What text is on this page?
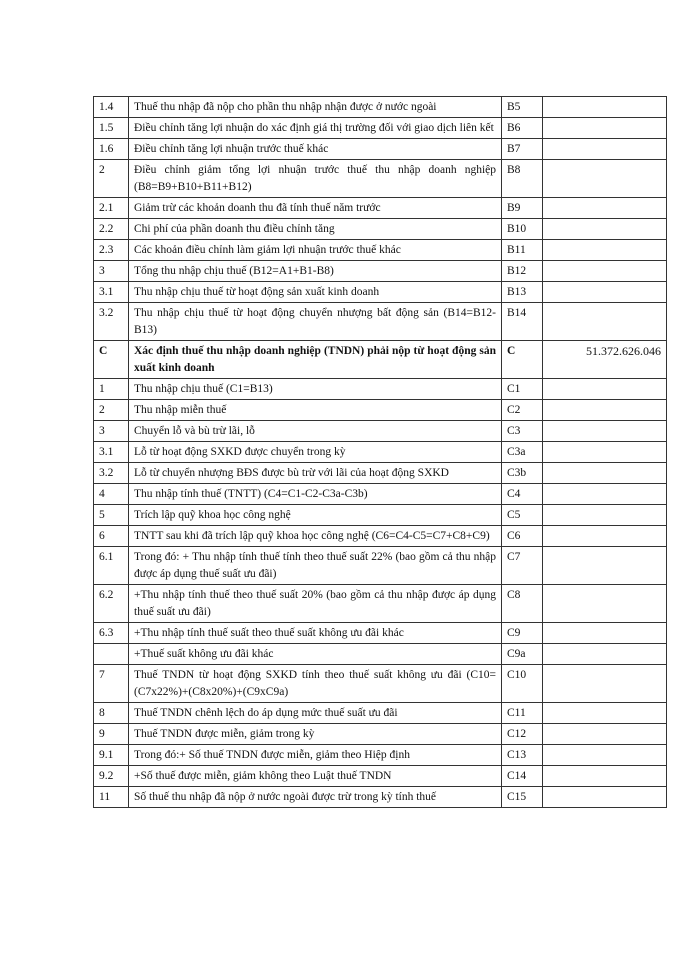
1.4	Thuế thu nhập đã nộp cho phần thu nhập nhận được ở nước ngoài	B5	
1.5	Điều chỉnh tăng lợi nhuận do xác định giá thị trường đối với giao dịch liên kết	B6	
1.6	Điều chỉnh tăng lợi nhuận trước thuế khác	B7	
2	Điều chỉnh giảm tổng lợi nhuận trước thuế thu nhập doanh nghiệp (B8=B9+B10+B11+B12)	B8	
2.1	Giảm trừ các khoản doanh thu đã tính thuế năm trước	B9	
2.2	Chi phí của phần doanh thu điều chỉnh tăng	B10	
2.3	Các khoản điều chỉnh làm giảm lợi nhuận trước thuế khác	B11	
3	Tổng thu nhập chịu thuế (B12=A1+B1-B8)	B12	
3.1	Thu nhập chịu thuế từ hoạt động sản xuất kinh doanh	B13	
3.2	Thu nhập chịu thuế từ hoạt động chuyển nhượng bất động sản (B14=B12-B13)	B14	
C	Xác định thuế thu nhập doanh nghiệp (TNDN) phải nộp từ hoạt động sản xuất kinh doanh	C	51.372.626.046
1	Thu nhập chịu thuế (C1=B13)	C1	
2	Thu nhập miễn thuế	C2	
3	Chuyển lỗ và bù trừ lãi, lỗ	C3	
3.1	Lỗ từ hoạt động SXKD được chuyển trong kỳ	C3a	
3.2	Lỗ từ chuyển nhượng BĐS được bù trừ với lãi của hoạt động SXKD	C3b	
4	Thu nhập tính thuế (TNTT) (C4=C1-C2-C3a-C3b)	C4	
5	Trích lập quỹ khoa học công nghệ	C5	
6	TNTT sau khi đã trích lập quỹ khoa học công nghệ (C6=C4-C5=C7+C8+C9)	C6	
6.1	Trong đó: + Thu nhập tính thuế tính theo thuế suất 22% (bao gồm cả thu nhập được áp dụng thuế suất ưu đãi)	C7	
6.2	+Thu nhập tính thuế theo thuế suất 20% (bao gồm cả thu nhập được áp dụng thuế suất ưu đãi)	C8	
6.3	+Thu nhập tính thuế suất theo thuế suất không ưu đãi khác	C9	
	+Thuế suất không ưu đãi khác	C9a	
7	Thuế TNDN từ hoạt động SXKD tính theo thuế suất không ưu đãi (C10=(C7x22%)+(C8x20%)+(C9xC9a)	C10	
8	Thuế TNDN chênh lệch do áp dụng mức thuế suất ưu đãi	C11	
9	Thuế TNDN được miễn, giảm trong kỳ	C12	
9.1	Trong đó:+ Số thuế TNDN được miễn, giảm theo Hiệp định	C13	
9.2	+Số thuế được miễn, giảm không theo Luật thuế TNDN	C14	
11	Số thuế thu nhập đã nộp ở nước ngoài được trừ trong kỳ tính thuế	C15	
